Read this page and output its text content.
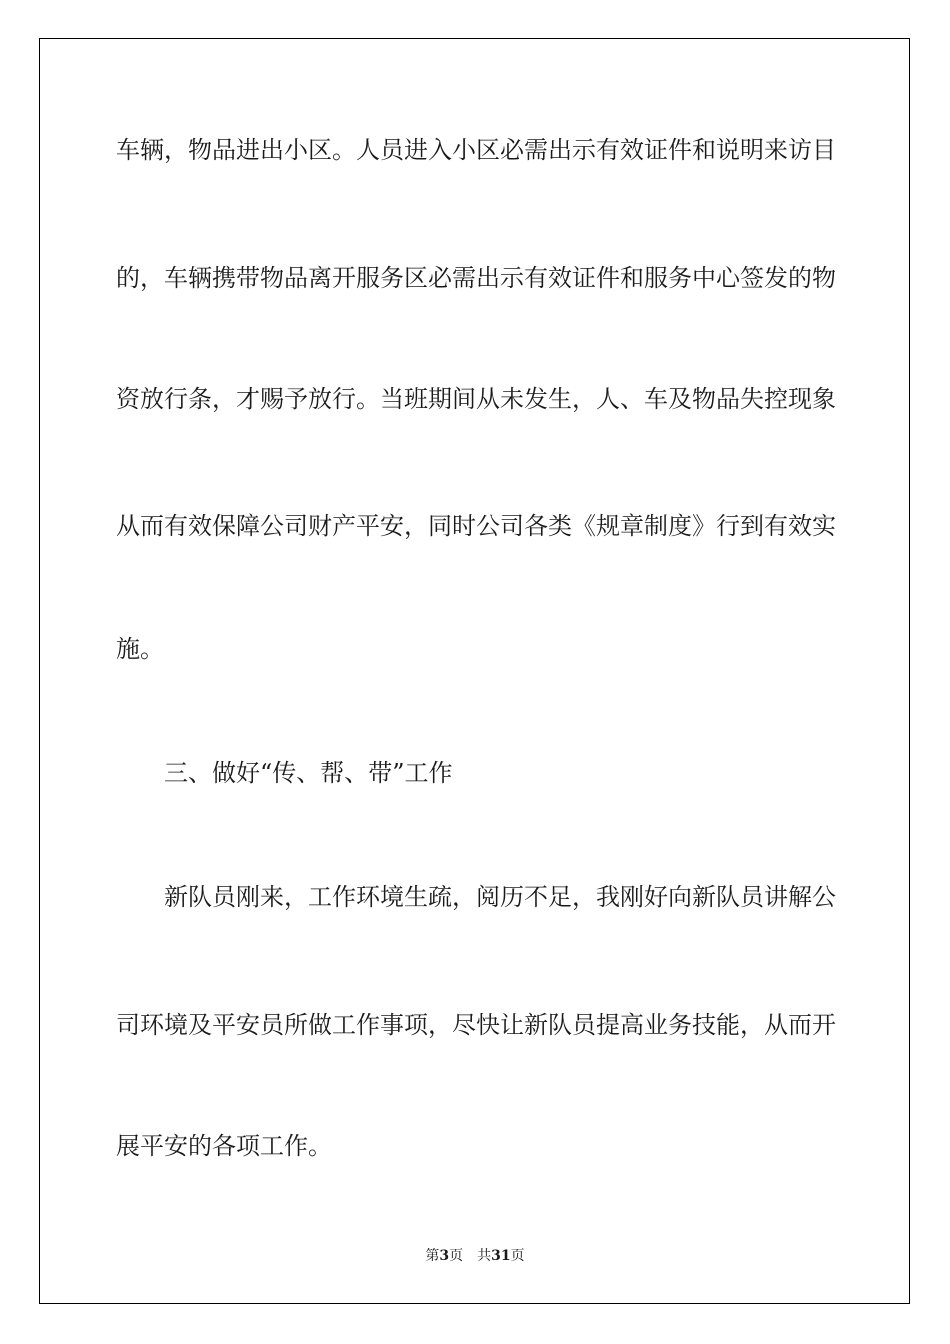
车辆，物品进出小区。人员进入小区必需出示有效证件和说明来访目
的，车辆携带物品离开服务区必需出示有效证件和服务中心签发的物
资放行条，才赐予放行。当班期间从未发生，人、车及物品失控现象
从而有效保障公司财产平安，同时公司各类《规章制度》行到有效实
施。
三、做好“传、帮、带”工作
新队员刚来，工作环境生疏，阅历不足，我刚好向新队员讲解公
司环境及平安员所做工作事项，尽快让新队员提高业务技能，从而开
展平安的各项工作。
第3页 共31页
